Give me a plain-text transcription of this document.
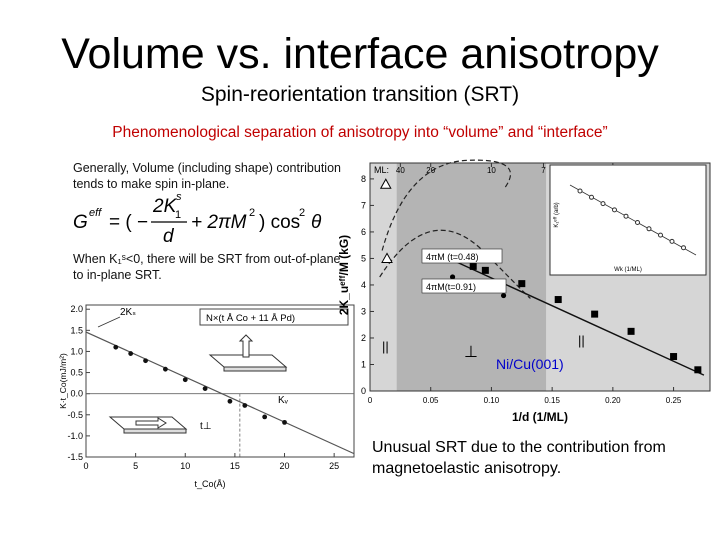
Volume vs. interface anisotropy
Spin-reorientation transition (SRT)
Phenomenological separation of anisotropy into “volume” and “interface”
Generally, Volume (including shape) contribution tends to make spin in-plane.
G eff = ( −
2K
1
s
d
+ 2πM 2 ) cos
2 θ
When K₁ˢ<0, there will be SRT from out-of-plane to in-plane SRT.
2.0
1.5
1.0
0.5
0.0
-0.5
-1.0
-1.5
0	5	10	15	20	25
N×(t Å Co + 11 Å Pd)
2Kₛ
Kᵥ
t⊥
t_Co(Å)
K·t_Co(mJ/m²)
8
7
6
5
4
3
2
1
0
0	0.05	0.10	0.15	0.20	0.25
40	20	10	7
ML:
Wk (1/ML)
K₁ᵉᶠᶠ (arb)
4πM (t=0.48)
4πM(t=0.91)
||	⊥
||
Ni/Cu(001)
1/d (1/ML)
2K_uᵉᶠᶠ/M (kG)
Unusual SRT due to the contribution from magnetoelastic anisotropy.
